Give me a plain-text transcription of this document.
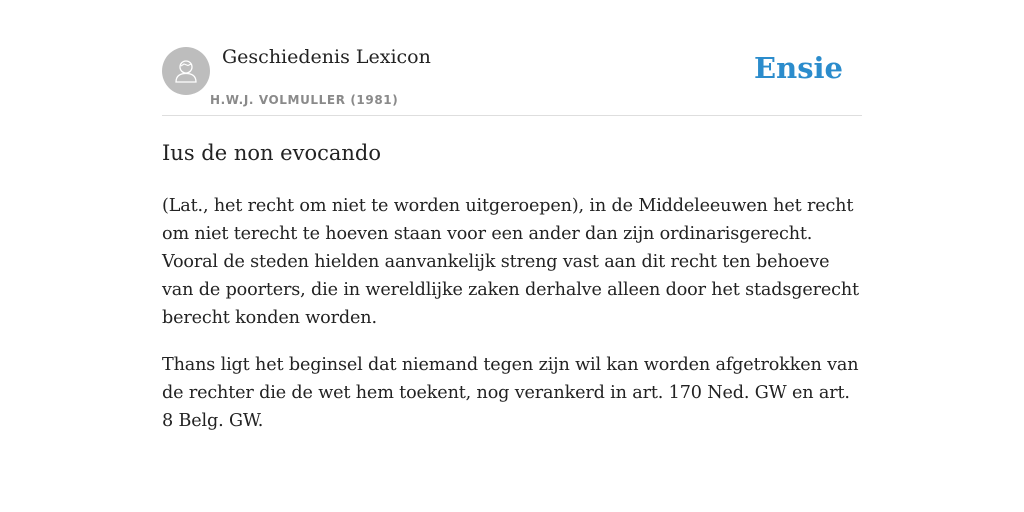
Geschiedenis Lexicon
H.W.J. VOLMULLER (1981)
Ensie
Ius de non evocando

(Lat., het recht om niet te worden uitgeroepen), in de Middeleeuwen het recht om niet terecht te hoeven staan voor een ander dan zijn ordinarisgerecht. Vooral de steden hielden aanvankelijk streng vast aan dit recht ten behoeve van de poorters, die in wereldlijke zaken derhalve alleen door het stadsgerecht berecht konden worden.

Thans ligt het beginsel dat niemand tegen zijn wil kan worden afgetrokken van de rechter die de wet hem toekent, nog verankerd in art. 170 Ned. GW en art. 8 Belg. GW.
